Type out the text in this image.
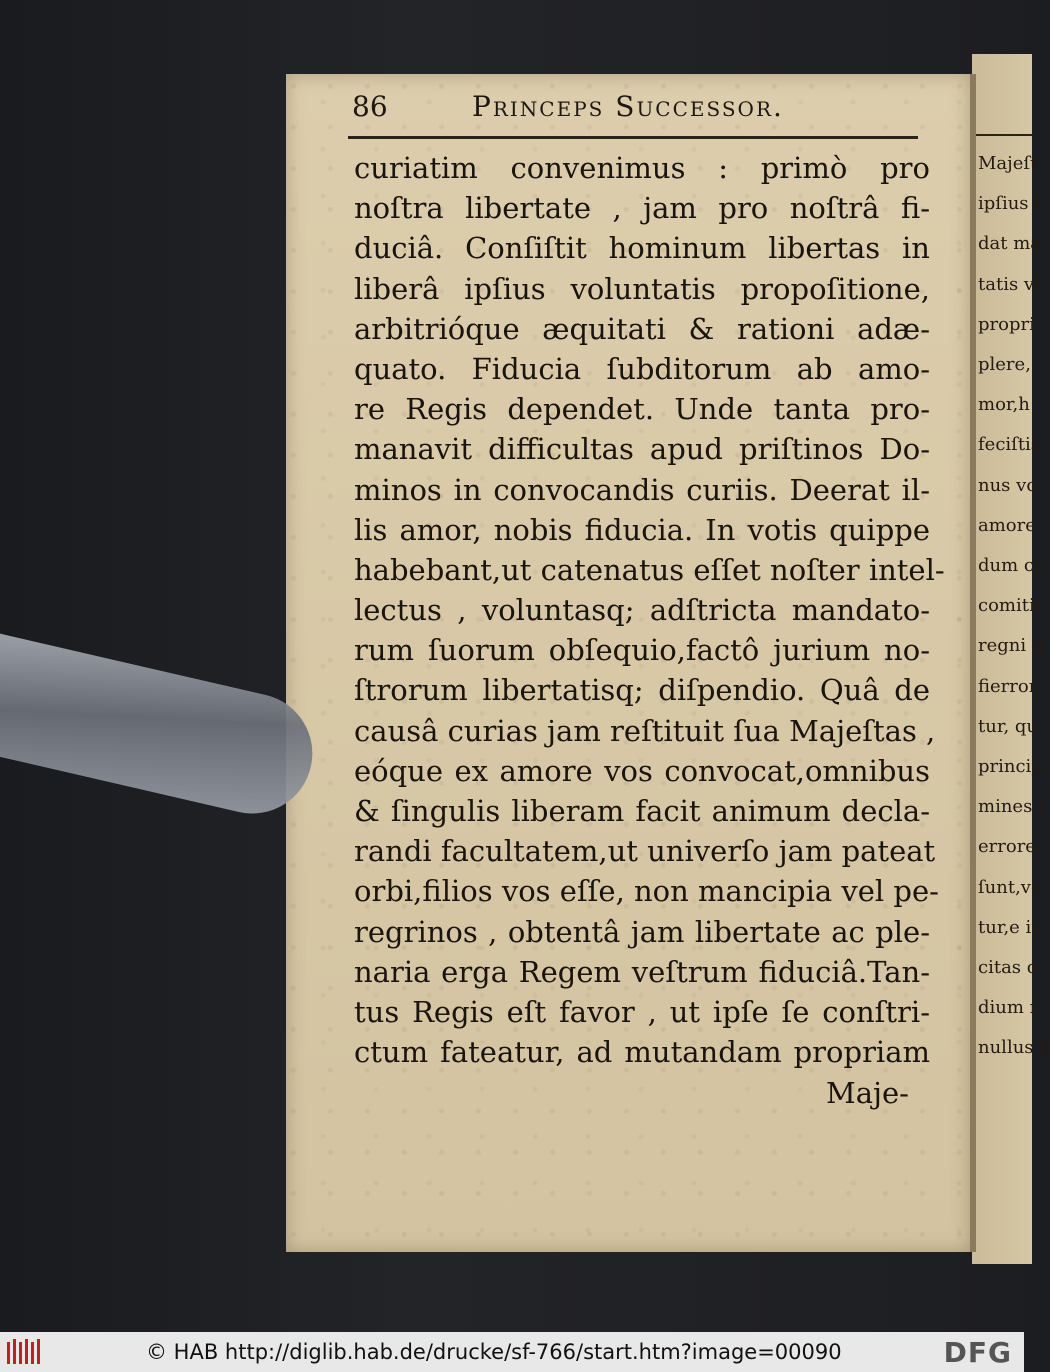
Majeſt
ipſius e
dat ma
tatis ve
propri
plere,
mor,h
feciſtis
nus vo
amore
dum co
comitii
regni d
fierror
tur, qu
princip
mines i
errores
ſunt,ve
tur,e in
citas o
dium n
nullus a
86	Princeps Successor.
curiatim convenimus : primò pro
noſtra libertate , jam pro noſtrâ fi-
duciâ. Conſiſtit hominum libertas in
liberâ ipſius voluntatis propoſitione,
arbitrióque æquitati & rationi adæ-
quato. Fiducia ſubditorum ab amo-
re Regis dependet. Unde tanta pro-
manavit difficultas apud priſtinos Do-
minos in convocandis curiis. Deerat il-
lis amor, nobis fiducia. In votis quippe
habebant,ut catenatus eſſet noſter intel-
lectus , voluntasq; adſtricta mandato-
rum ſuorum obſequio,factô jurium no-
ſtrorum libertatisq; diſpendio. Quâ de
causâ curias jam reſtituit ſua Majeſtas ,
eóque ex amore vos convocat,omnibus
& ſingulis liberam facit animum decla-
randi facultatem,ut univerſo jam pateat
orbi,filios vos eſſe, non mancipia vel pe-
regrinos , obtentâ jam libertate ac ple-
naria erga Regem veſtrum fiduciâ.Tan-
tus Regis eſt favor , ut ipſe ſe conſtri-
ctum fateatur, ad mutandam propriam
Maje-
© HAB http://diglib.hab.de/drucke/sf-766/start.htm?image=00090	DFG
